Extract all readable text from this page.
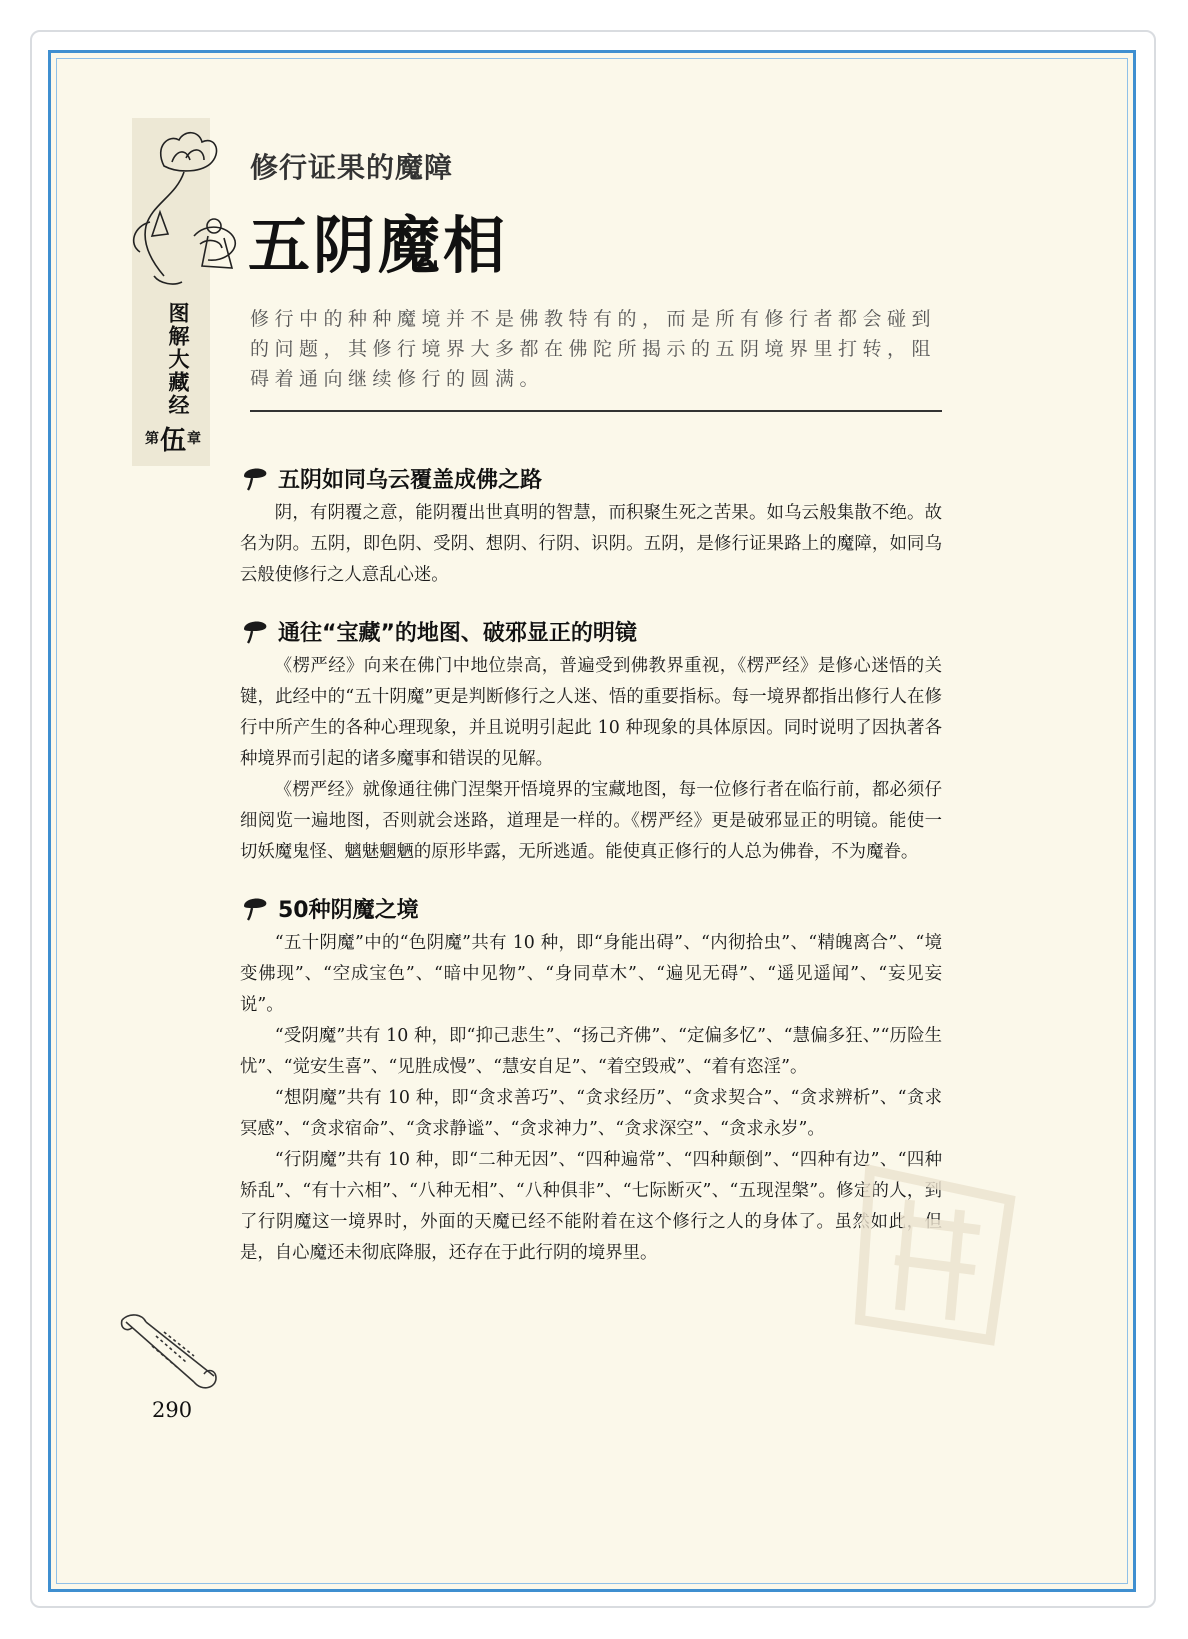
图解大藏经
第 伍 章
修行证果的魔障
五阴魔相
修行中的种种魔境并不是佛教特有的，而是所有修行者都会碰到的问题，其修行境界大多都在佛陀所揭示的五阴境界里打转，阻碍着通向继续修行的圆满。
五阴如同乌云覆盖成佛之路

阴，有阴覆之意，能阴覆出世真明的智慧，而积聚生死之苦果。如乌云般集散不绝。故名为阴。五阴，即色阴、受阴、想阴、行阴、识阴。五阴，是修行证果路上的魔障，如同乌云般使修行之人意乱心迷。

通往“宝藏”的地图、破邪显正的明镜

《楞严经》向来在佛门中地位崇高，普遍受到佛教界重视，《楞严经》是修心迷悟的关键，此经中的“五十阴魔”更是判断修行之人迷、悟的重要指标。每一境界都指出修行人在修行中所产生的各种心理现象，并且说明引起此 10 种现象的具体原因。同时说明了因执著各种境界而引起的诸多魔事和错误的见解。

《楞严经》就像通往佛门涅槃开悟境界的宝藏地图，每一位修行者在临行前，都必须仔细阅览一遍地图，否则就会迷路，道理是一样的。《楞严经》更是破邪显正的明镜。能使一切妖魔鬼怪、魑魅魍魉的原形毕露，无所逃遁。能使真正修行的人总为佛眷，不为魔眷。

50种阴魔之境

“五十阴魔”中的“色阴魔”共有 10 种，即“身能出碍”、“内彻拾虫”、“精魄离合”、“境变佛现”、“空成宝色”、“暗中见物”、“身同草木”、“遍见无碍”、“遥见遥闻”、“妄见妄说”。

“受阴魔”共有 10 种，即“抑己悲生”、“扬己齐佛”、“定偏多忆”、“慧偏多狂、”“历险生忧”、“觉安生喜”、“见胜成慢”、“慧安自足”、“着空毁戒”、“着有恣淫”。

“想阴魔”共有 10 种，即“贪求善巧”、“贪求经历”、“贪求契合”、“贪求辨析”、“贪求冥感”、“贪求宿命”、“贪求静谧”、“贪求神力”、“贪求深空”、“贪求永岁”。

“行阴魔”共有 10 种，即“二种无因”、“四种遍常”、“四种颠倒”、“四种有边”、“四种矫乱”、“有十六相”、“八种无相”、“八种俱非”、“七际断灭”、“五现涅槃”。修定的人，到了行阴魔这一境界时，外面的天魔已经不能附着在这个修行之人的身体了。虽然如此，但是，自心魔还未彻底降服，还存在于此行阴的境界里。

290
